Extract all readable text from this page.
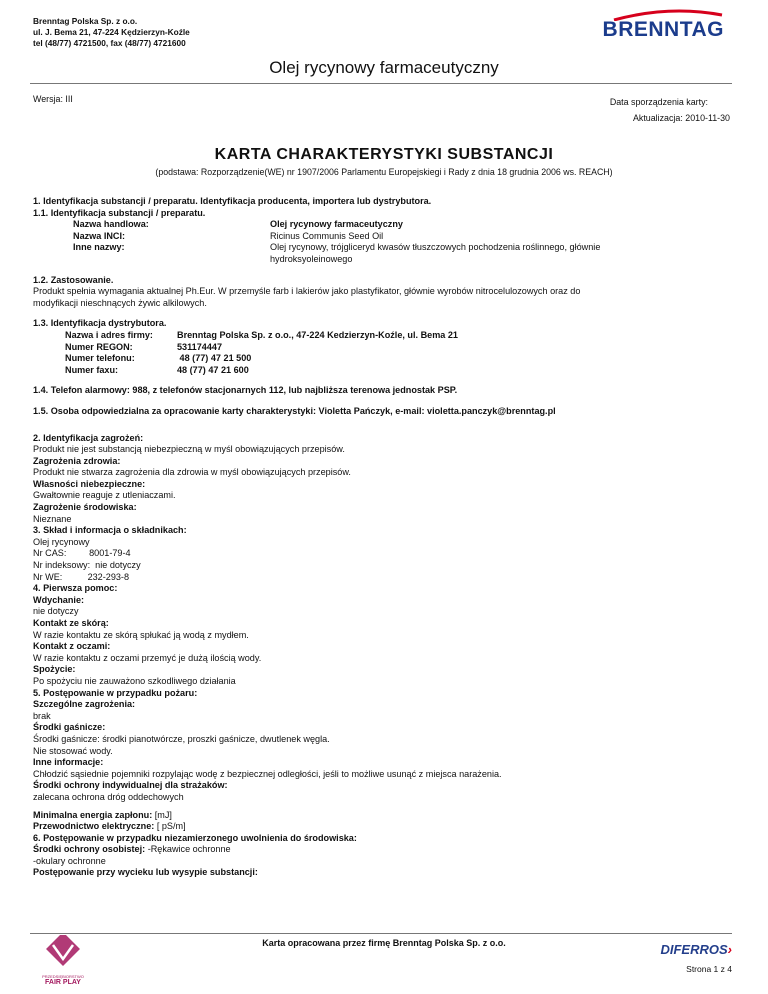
Brenntag Polska Sp. z o.o.
ul. J. Bema 21, 47-224 Kędzierzyn-Koźle
tel (48/77) 4721500, fax (48/77) 4721600
BRENNTAG
Olej rycynowy farmaceutyczny
Wersja: III	Data sporządzenia karty:
Aktualizacja: 2010-11-30
KARTA CHARAKTERYSTYKI SUBSTANCJI
(podstawa: Rozporządzenie(WE) nr 1907/2006 Parlamentu Europejskiegi i Rady z dnia 18 grudnia 2006 ws. REACH)

1. Identyfikacja substancji / preparatu. Identyfikacja producenta, importera lub dystrybutora.

1.1. Identyfikacja substancji / preparatu.

Nazwa handlowa:	Olej rycynowy farmaceutyczny
Nazwa INCI:	Ricinus Communis Seed Oil
Inne nazwy:	Olej rycynowy, trójgliceryd kwasów tłuszczowych pochodzenia roślinnego, głównie
hydroksyoleinowego

1.2. Zastosowanie.

Produkt spełnia wymagania aktualnej Ph.Eur. W przemyśle farb i lakierów jako plastyfikator, głównie wyrobów nitrocelulozowych oraz do

modyfikacji nieschnących żywic alkilowych.

1.3. Identyfikacja dystrybutora.

Nazwa i adres firmy:	Brenntag Polska Sp. z o.o., 47-224 Kedzierzyn-Koźle, ul. Bema 21
Numer REGON:	531174447
Numer telefonu:	48 (77) 47 21 500
Numer faxu:	48 (77) 47 21 600

1.4. Telefon alarmowy: 988, z telefonów stacjonarnych 112, lub najbliższa terenowa jednostak PSP.

1.5. Osoba odpowiedzialna za opracowanie karty charakterystyki: Violetta Pańczyk, e-mail: violetta.panczyk@brenntag.pl

2. Identyfikacja zagrożeń:

Produkt nie jest substancją niebezpieczną w myśl obowiązujących przepisów.

Zagrożenia zdrowia:

Produkt nie stwarza zagrożenia dla zdrowia w myśl obowiązujących przepisów.

Własności niebezpieczne:

Gwałtownie reaguje z utleniaczami.

Zagrożenie środowiska:

Nieznane

3. Skład i informacja o składnikach:

Olej rycynowy

Nr CAS:         8001-79-4

Nr indeksowy:  nie dotyczy

Nr WE:          232-293-8

4. Pierwsza pomoc:

Wdychanie:

nie dotyczy

Kontakt ze skórą:

W razie kontaktu ze skórą spłukać ją wodą z mydłem.

Kontakt z oczami:

W razie kontaktu z oczami przemyć je dużą ilością wody.

Spożycie:

Po spożyciu nie zauważono szkodliwego działania

5. Postępowanie w przypadku pożaru:

Szczególne zagrożenia:

brak

Środki gaśnicze:

Środki gaśnicze: środki pianotwórcze, proszki gaśnicze, dwutlenek węgla.

Nie stosować wody.

Inne informacje:

Chłodzić sąsiednie pojemniki rozpylając wodę z bezpiecznej odległości, jeśli to możliwe usunąć z miejsca narażenia.

Środki ochrony indywidualnej dla strażaków:

zalecana ochrona dróg oddechowych

Minimalna energia zapłonu: [mJ]

Przewodnictwo elektryczne: [ pS/m]

6. Postępowanie w przypadku niezamierzonego uwolnienia do środowiska:

Środki ochrony osobistej: -Rękawice ochronne

-okulary ochronne

Postępowanie przy wycieku lub wysypie substancji:

PRZEDSIĘBIORSTWO
FAIR PLAY
Karta opracowana przez firmę Brenntag Polska Sp. z o.o.	DIFERROS›
Strona 1 z 4
